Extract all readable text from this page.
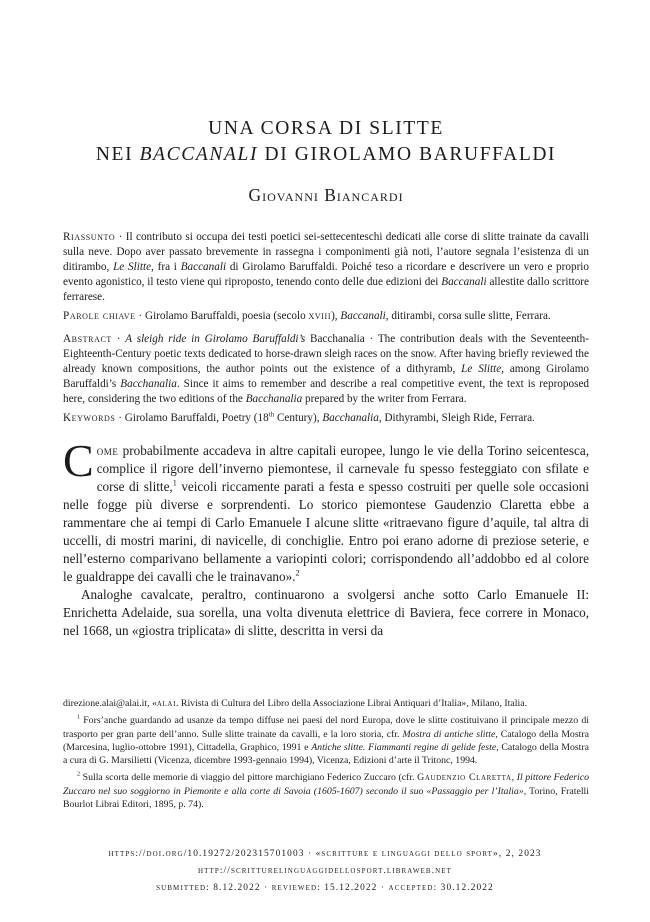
UNA CORSA DI SLITTE
NEI BACCANALI DI GIROLAMO BARUFFALDI
Giovanni Biancardi

Riassunto · Il contributo si occupa dei testi poetici sei-settecenteschi dedicati alle corse di slitte trainate da cavalli sulla neve. Dopo aver passato brevemente in rassegna i componimenti già noti, l’autore segnala l’esistenza di un ditirambo, Le Slitte, fra i Baccanali di Girolamo Baruffaldi. Poiché teso a ricordare e descrivere un vero e proprio evento agonistico, il testo viene qui riproposto, tenendo conto delle due edizioni dei Baccanali allestite dallo scrittore ferrarese.

Parole chiave · Girolamo Baruffaldi, poesia (secolo xviii), Baccanali, ditirambi, corsa sulle slitte, Ferrara.

Abstract · A sleigh ride in Girolamo Baruffaldi’s Bacchanalia · The contribution deals with the Seventeenth-Eighteenth-Century poetic texts dedicated to horse-drawn sleigh races on the snow. After having briefly reviewed the already known compositions, the author points out the existence of a dithyramb, Le Slitte, among Girolamo Baruffaldi’s Bacchanalia. Since it aims to remember and describe a real competitive event, the text is reproposed here, considering the two editions of the Bacchanalia prepared by the writer from Ferrara.

Keywords · Girolamo Baruffaldi, Poetry (18th Century), Bacchanalia, Dithyrambi, Sleigh Ride, Ferrara.

Come probabilmente accadeva in altre capitali europee, lungo le vie della Torino seicentesca, complice il rigore dell’inverno piemontese, il carnevale fu spesso festeggiato con sfilate e corse di slitte,$^1$ veicoli riccamente parati a festa e spesso costruiti per quelle sole occasioni nelle fogge più diverse e sorprendenti. Lo storico piemontese Gaudenzio Claretta ebbe a rammentare che ai tempi di Carlo Emanuele I alcune slitte «ritraevano figure d’aquile, tal altra di uccelli, di mostri marini, di navicelle, di conchiglie. Entro poi erano adorne di preziose seterie, e nell’esterno comparivano bellamente a variopinti colori; corrispondendo all’addobbo ed al colore le gualdrappe dei cavalli che le trainavano».$^2$

Analoghe cavalcate, peraltro, continuarono a svolgersi anche sotto Carlo Emanuele II: Enrichetta Adelaide, sua sorella, una volta divenuta elettrice di Baviera, fece correre in Monaco, nel 1668, un «giostra triplicata» di slitte, descritta in versi da

direzione.alai@alai.it, «alai. Rivista di Cultura del Libro della Associazione Librai Antiquari d’Italia», Milano, Italia.

$^1$ Fors’anche guardando ad usanze da tempo diffuse nei paesi del nord Europa, dove le slitte costituivano il principale mezzo di trasporto per gran parte dell’anno. Sulle slitte trainate da cavalli, e la loro storia, cfr. Mostra di antiche slitte, Catalogo della Mostra (Marcesina, luglio-ottobre 1991), Cittadella, Graphico, 1991 e Antiche slitte. Fiammanti regine di gelide feste, Catalogo della Mostra a cura di G. Marsilietti (Vicenza, dicembre 1993-gennaio 1994), Vicenza, Edizioni d’arte il Tritonc, 1994.

$^2$ Sulla scorta delle memorie di viaggio del pittore marchigiano Federico Zuccaro (cfr. Gaudenzio Claretta, Il pittore Federico Zuccaro nel suo soggiorno in Piemonte e alla corte di Savoia (1605-1607) secondo il suo «Passaggio per l’Italia», Torino, Fratelli Bourlot Librai Editori, 1895, p. 74).

https://doi.org/10.19272/202315701003 · «scritture e linguaggi dello sport», 2, 2023
http://scritturelinguaggidellosport.libraweb.net
submitted: 8.12.2022 · reviewed: 15.12.2022 · accepted: 30.12.2022
